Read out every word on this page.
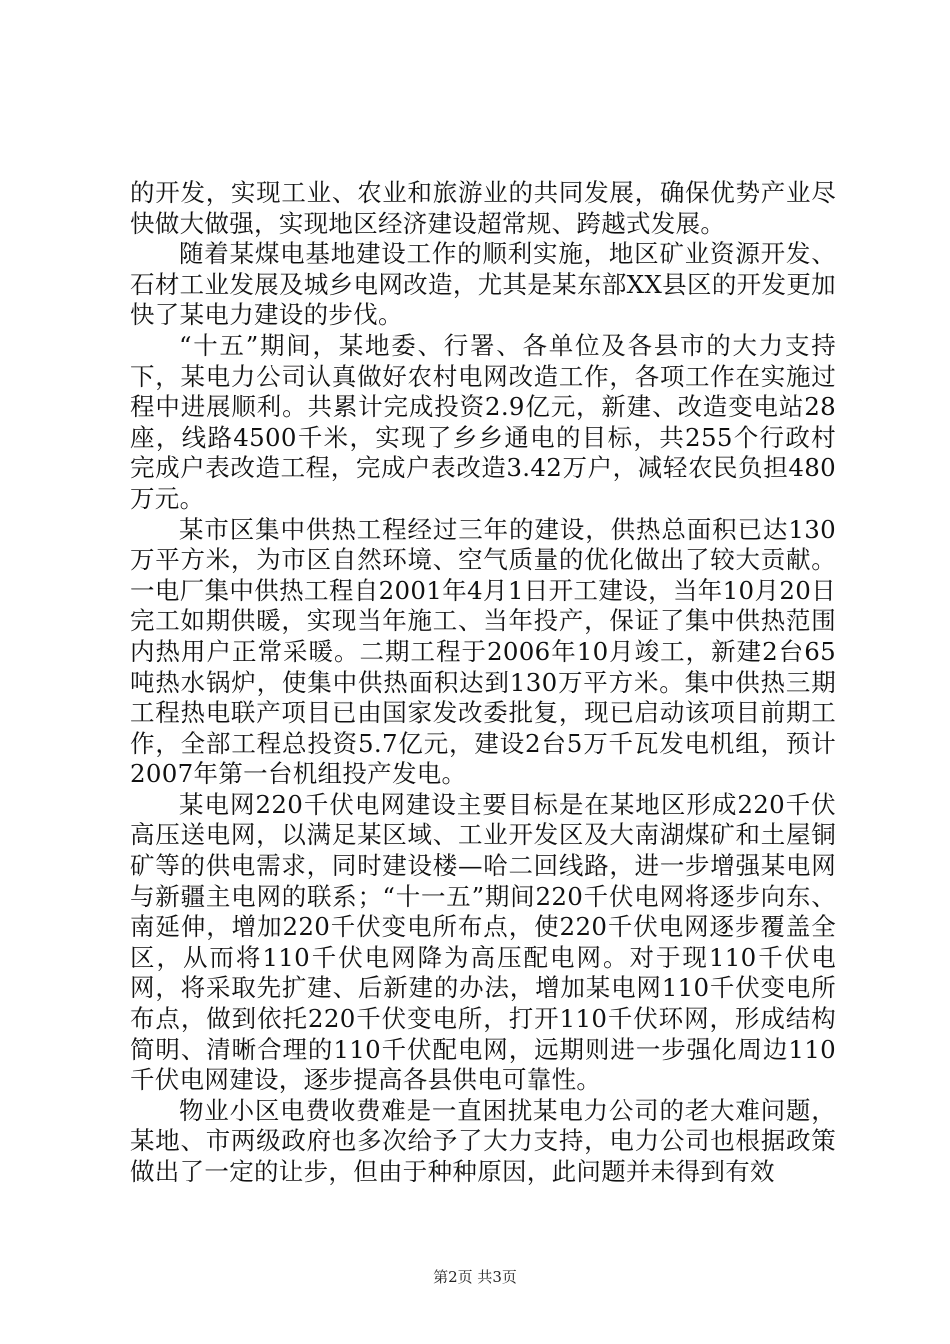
的开发，实现工业、农业和旅游业的共同发展，确保优势产业尽快做大做强，实现地区经济建设超常规、跨越式发展。

随着某煤电基地建设工作的顺利实施，地区矿业资源开发、石材工业发展及城乡电网改造，尤其是某东部XX县区的开发更加快了某电力建设的步伐。

“十五”期间，某地委、行署、各单位及各县市的大力支持下，某电力公司认真做好农村电网改造工作，各项工作在实施过程中进展顺利。共累计完成投资2.9亿元，新建、改造变电站28座，线路4500千米，实现了乡乡通电的目标，共255个行政村完成户表改造工程，完成户表改造3.42万户，减轻农民负担480万元。

某市区集中供热工程经过三年的建设，供热总面积已达130万平方米，为市区自然环境、空气质量的优化做出了较大贡献。一电厂集中供热工程自2001年4月1日开工建设，当年10月20日完工如期供暖，实现当年施工、当年投产，保证了集中供热范围内热用户正常采暖。二期工程于2006年10月竣工，新建2台65吨热水锅炉，使集中供热面积达到130万平方米。集中供热三期工程热电联产项目已由国家发改委批复，现已启动该项目前期工作，全部工程总投资5.7亿元，建设2台5万千瓦发电机组，预计2007年第一台机组投产发电。

某电网220千伏电网建设主要目标是在某地区形成220千伏高压送电网，以满足某区域、工业开发区及大南湖煤矿和土屋铜矿等的供电需求，同时建设楼—哈二回线路，进一步增强某电网与新疆主电网的联系；“十一五”期间220千伏电网将逐步向东、南延伸，增加220千伏变电所布点，使220千伏电网逐步覆盖全区，从而将110千伏电网降为高压配电网。对于现110千伏电网，将采取先扩建、后新建的办法，增加某电网110千伏变电所布点，做到依托220千伏变电所，打开110千伏环网，形成结构简明、清晰合理的110千伏配电网，远期则进一步强化周边110千伏电网建设，逐步提高各县供电可靠性。

物业小区电费收费难是一直困扰某电力公司的老大难问题，某地、市两级政府也多次给予了大力支持，电力公司也根据政策做出了一定的让步，但由于种种原因，此问题并未得到有效

第2页 共3页
